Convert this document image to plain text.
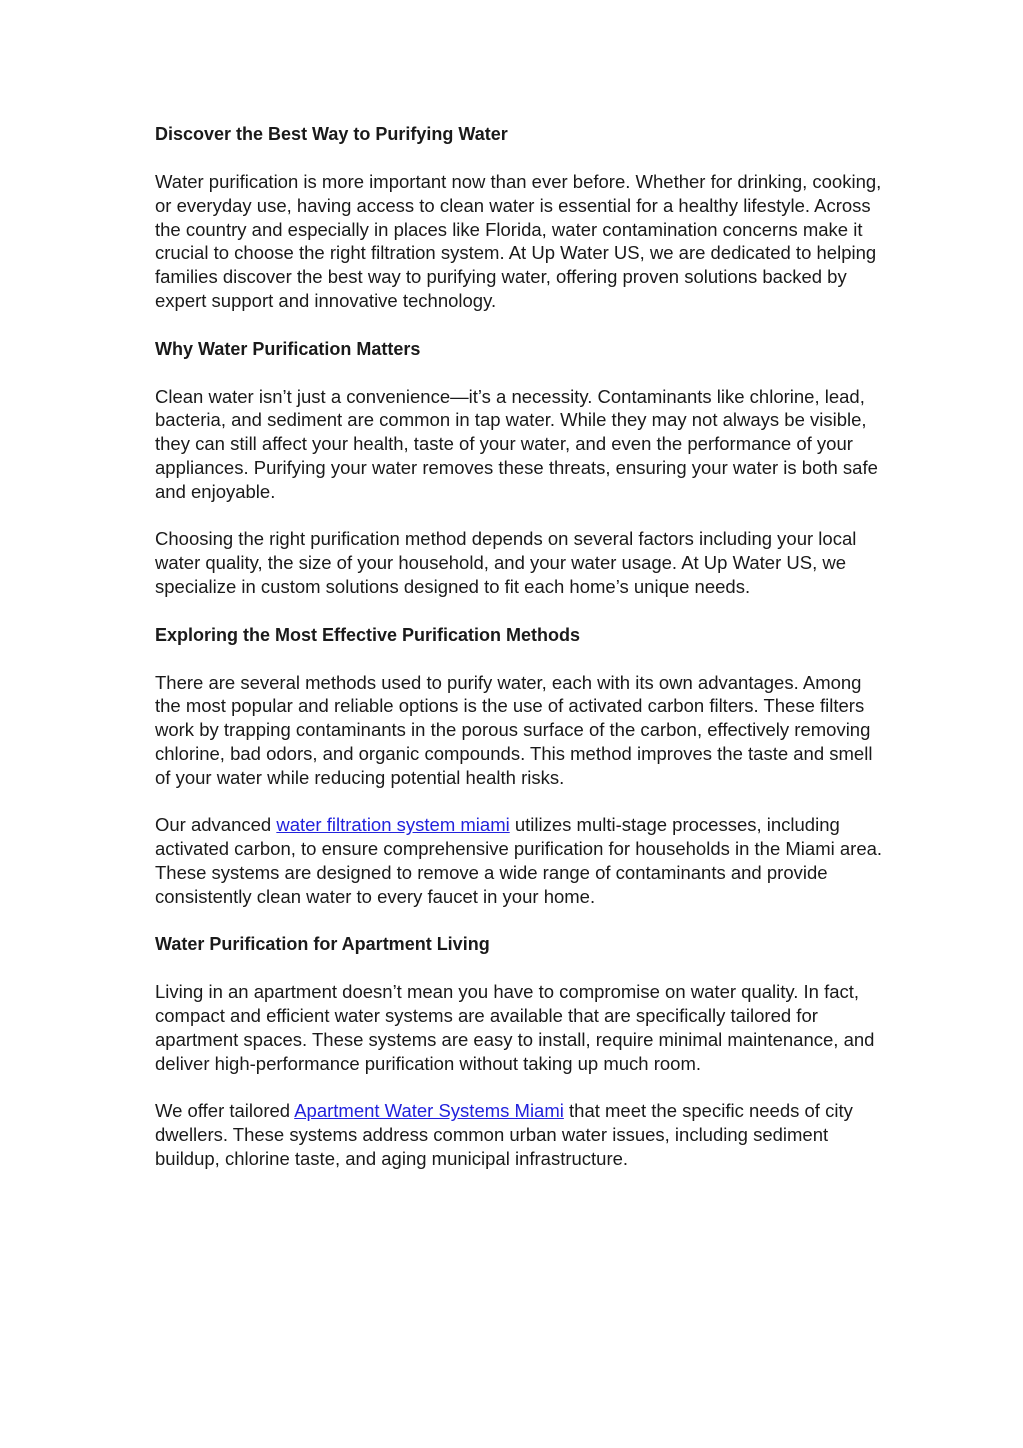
Discover the Best Way to Purifying Water

Water purification is more important now than ever before. Whether for drinking, cooking, or everyday use, having access to clean water is essential for a healthy lifestyle. Across the country and especially in places like Florida, water contamination concerns make it crucial to choose the right filtration system. At Up Water US, we are dedicated to helping families discover the best way to purifying water, offering proven solutions backed by expert support and innovative technology.

Why Water Purification Matters

Clean water isn’t just a convenience—it’s a necessity. Contaminants like chlorine, lead, bacteria, and sediment are common in tap water. While they may not always be visible, they can still affect your health, taste of your water, and even the performance of your appliances. Purifying your water removes these threats, ensuring your water is both safe and enjoyable.

Choosing the right purification method depends on several factors including your local water quality, the size of your household, and your water usage. At Up Water US, we specialize in custom solutions designed to fit each home’s unique needs.

Exploring the Most Effective Purification Methods

There are several methods used to purify water, each with its own advantages. Among the most popular and reliable options is the use of activated carbon filters. These filters work by trapping contaminants in the porous surface of the carbon, effectively removing chlorine, bad odors, and organic compounds. This method improves the taste and smell of your water while reducing potential health risks.

Our advanced water filtration system miami utilizes multi-stage processes, including activated carbon, to ensure comprehensive purification for households in the Miami area. These systems are designed to remove a wide range of contaminants and provide consistently clean water to every faucet in your home.

Water Purification for Apartment Living

Living in an apartment doesn’t mean you have to compromise on water quality. In fact, compact and efficient water systems are available that are specifically tailored for apartment spaces. These systems are easy to install, require minimal maintenance, and deliver high-performance purification without taking up much room.

We offer tailored Apartment Water Systems Miami that meet the specific needs of city dwellers. These systems address common urban water issues, including sediment buildup, chlorine taste, and aging municipal infrastructure.
